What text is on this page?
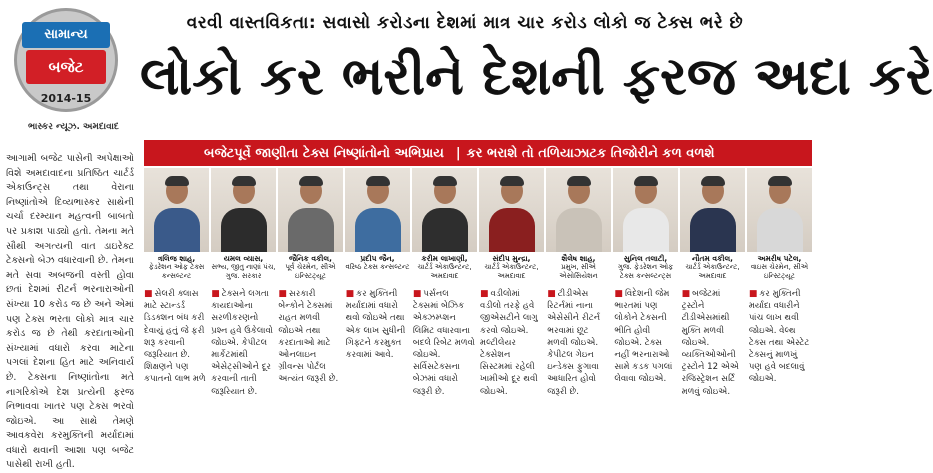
વરવી વાસ્તવિકતા: સવાસો કરોડના દેશમાં માત્ર ચાર કરોડ લોકો જ ટેક્સ ભરે છે
સામાન્ય
બજેટ
2014-15 લોકો કર ભરીને દેશની ફરજ અદા કરે
ભાસ્કર ન્યૂઝ. અમદાવાદ
આગામી બજેટ પાસેની અપેક્ષાઓ વિશે અમદાવાદના પ્રતિષ્ઠિત ચાર્ટર્ડ એકાઉન્ટ્સ તથા વેરાના નિષ્ણાંતોએ દિવ્યભાસ્કર સાથેની ચર્ચા દરમ્યાન મહત્વની બાબતો પર પ્રકાશ પાડ્યો હતો. તેમના મતે સૌથી અગત્યની વાત ડાઇરેક્ટ ટેક્સનો બેઝ વધારવાની છે. તેમના મતે સવા અબજની વસ્તી હોવા છતાં દેશમાં રીટર્ન ભરનારાઓની સંખ્યા 10 કરોડ જ છે અને એમાં પણ ટેક્સ ભરતા લોકો માત્ર ચાર કરોડ જ છે તેથી કરદાતાઓની સંખ્યામાં વધારો કરવા માટેના પગલાં દેશના હિત માટે અનિવાર્ય છે. ટેક્સના નિષ્ણાંતોના મતે નાગરિકોએ દેશ પ્રત્યેની ફરજ નિભાવવા ખાતર પણ ટેક્સ ભરવો જોઇએ. આ સાથે તેમણે આવકવેરા કરમુક્તિની મર્યાદામાં વધારો થવાની આશા પણ બજેટ પાસેથી રાખી હતી.
બજેટપૂર્વે જાણીતા ટેક્સ નિષ્ણાંતોનો અભિપ્રાય | કર ભરાશે તો તળિયાઝાટક તિજોરીને કળ વળશે
ત્રલિજ શાહ,
ફેડરેશન ઓફ ટેક્સ કન્સલ્ટન્ટ
યમલ વ્યાસ,
સભ્ય, જીતુ નાણાં પંચ, ગુજ. સરકાર
જૈનિક વકીલ,
પૂર્વ ચેરમેન, સીએ ઇન્સ્ટિટ્યૂટ
પ્રદીપ જૈન,
વરિષ્ઠ ટેક્સ કન્સલ્ટન્ટ
કરીમ લાખાણી,
ચાર્ટર્ડ એકાઉન્ટન્ટ, અમદાવાદ
સંદીપ મુન્દ્રા,
ચાર્ટર્ડ એકાઉન્ટન્ટ, અમદાવાદ
શૈલેષ શાહ,
પ્રમુખ, સીએ એસોસિયેશન
સુનિલ તલાટી,
ગુજ. ફેડરેશન ઓફ ટેક્સ કન્સલ્ટન્ટ્સ
નૌતમ વકીલ,
ચાર્ટર્ડ એકાઉન્ટન્ટ, અમદાવાદ
અમરીષ પટેલ,
વાઇસ ચેરમેન, સીએ ઇન્સ્ટિટ્યૂટ
■ સેલરી ક્લાસ માટે સ્ટાન્ડર્ડ ડિડક્શન બંધ કરી દેવાયું હતું જે ફરી શરૂ કરવાની જરૂરિયાત છે. શિક્ષણને પણ કપાતનો લાભ મળે
■ ટેક્સને લગતા કાયદાઓના સરળીકરણનો પ્રશ્ન હવે ઉકેલાવો જોઇએ. કેપીટલ માર્કેટમાંથી એસેટ્સીઓને દૂર કરવાની તાતી જરૂરિયાત છે.
■ સરકારી બેન્કોને ટેક્સમાં રાહત મળવી જોઇએ તથા કરદાતાઓ માટે ઓનલાઇન ગ્રીવન્સ પોર્ટલ અત્યંત જરૂરી છે.
■ કર મુક્તિની મર્યાદામાં વધારો થવો જોઇએ તથા એક લાખ સુધીની ગિફ્ટને કરમુક્ત કરવામાં આવે.
■ પર્સનલ ટેક્સમાં બેઝિક એક્ઝમ્પ્શન લિમિટ વધારવાના બદલે રિબેટ મળવો જોઇએ. સર્વિસટેક્સના બેઝમાં વધારો જરૂરી છે.
■ વડીલોમાં વડીલો તરફે હવે જીએસટીને લાગુ કરવો જોઇએ. મલ્ટીલેયર ટેક્સેશન સિસ્ટમમાં રહેલી ખામીઓ દૂર થવી જોઇએ.
■ ટીડીએસ રિટર્નમાં નાના એસેસીને રીટર્ન ભરવામાં છૂટ મળવી જોઇએ. કેપીટલ ગેઇન ઇન્ડેક્સ ફુગાવા આધારિત હોવો જરૂરી છે.
■ વિદેશની જેમ ભારતમાં પણ લોકોને ટેક્સની ભીતિ હોવી જોઇએ. ટેક્સ નહીં ભરનારાઓ સામે કડક પગલાં લેવાવા જોઇએ.
■ બજેટમાં ટ્રસ્ટોને ટીડીએસમાંથી મુક્તિ મળવી જોઇએ. વ્યક્તિઓઓની ટ્રસ્ટોને 12 એએ રજિસ્ટ્રેશન સર્ટિ મળવું જોઇએ.
■ કર મુક્તિની મર્યાદા વધારીને પાંચ લાખ થવી જોઇએ. વેલ્થ ટેક્સ તથા એસ્ટેટ ટેક્સનું માળખું પણ હવે બદલાવું જોઇએ.
